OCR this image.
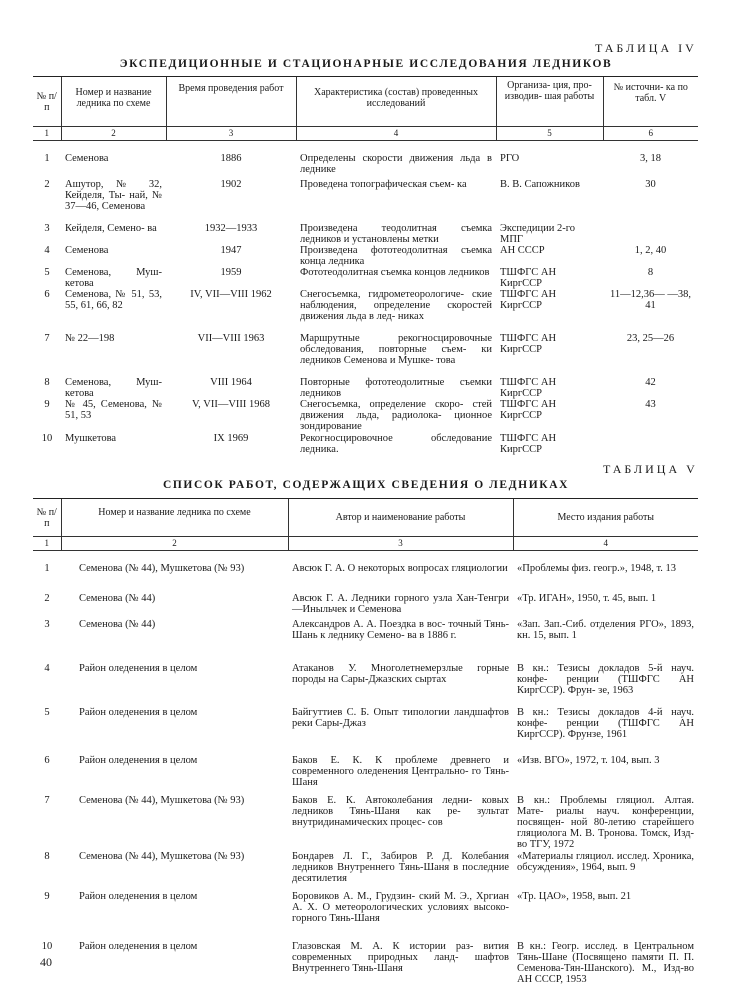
ТАБЛИЦА IV
ЭКСПЕДИЦИОННЫЕ И СТАЦИОНАРНЫЕ ИССЛЕДОВАНИЯ ЛЕДНИКОВ
№ п/п	Номер и название ледника по схеме	Время проведения работ	Характеристика (состав) проведенных исследований	Организа- ция, про- изводив- шая работы	№ источни- ка по табл. V
1	2	3	4	5	6

1	Семенова	1886	Определены скорости движения льда в леднике	РГО	3, 18
2	Ашутор, № 32, Кейделя, Ты- най, № 37—46, Семенова	1902	Проведена топографическая съем- ка	В. В. Сапожников	30
3	Кейделя, Семено- ва	1932—1933	Произведена теодолитная съемка ледников и установлены метки	Экспедиции 2-го МПГ	
4	Семенова	1947	Произведена фототеодолитная съемка конца ледника	АН СССР	1, 2, 40
5	Семенова, Муш- кетова	1959	Фототеодолитная съемка концов ледников	ТШФГС АН КиргССР	8
6	Семенова, № 51, 53, 55, 61, 66, 82	IV, VII—VIII 1962	Снегосъемка, гидрометеорологиче- ские наблюдения, определение скоростей движения льда в лед- никах	ТШФГС АН КиргССР	11—12,36— —38, 41
7	№ 22—198	VII—VIII 1963	Маршрутные рекогносцировочные обследования, повторные съем- ки ледников Семенова и Мушке- това	ТШФГС АН КиргССР	23, 25—26
8	Семенова, Муш- кетова	VIII 1964	Повторные фототеодолитные съемки ледников	ТШФГС АН КиргССР	42
9	№ 45, Семенова, № 51, 53	V, VII—VIII 1968	Снегосъемка, определение скоро- стей движения льда, радиолока- ционное зондирование	ТШФГС АН КиргССР	43
10	Мушкетова	IX 1969	Рекогносцировочное обследование ледника.	ТШФГС АН КиргССР	
ТАБЛИЦА V
СПИСОК РАБОТ, СОДЕРЖАЩИХ СВЕДЕНИЯ О ЛЕДНИКАХ
№ п/п	Номер и название ледника по схеме	Автор и наименование работы	Место издания работы
1	2	3	4

1	Семенова (№ 44), Мушкетова (№ 93)	Авсюк Г. А. О некоторых вопросах гляциологии	«Проблемы физ. геогр.», 1948, т. 13
2	Семенова (№ 44)	Авсюк Г. А. Ледники горного узла Хан-Тенгри—Иныльчек и Семенова	«Тр. ИГАН», 1950, т. 45, вып. 1
3	Семенова (№ 44)	Александров А. А. Поездка в вос- точный Тянь-Шань к леднику Семено- ва в 1886 г.	«Зап. Зап.-Сиб. отделения РГО», 1893, кн. 15, вып. 1
4	Район оледенения в целом	Атаканов У. Многолетнемерзлые горные породы на Сары-Джазских сыртах	В кн.: Тезисы докладов 5-й науч. конфе- ренции (ТШФГС АН КиргССР). Фрун- зе, 1963
5	Район оледенения в целом	Байгуттиев С. Б. Опыт типологии ландшафтов реки Сары-Джаз	В кн.: Тезисы докладов 4-й науч. конфе- ренции (ТШФГС АН КиргССР). Фрунзе, 1961
6	Район оледенения в целом	Баков Е. К. К проблеме древнего и современного оледенения Центрально- го Тянь-Шаня	«Изв. ВГО», 1972, т. 104, вып. 3
7	Семенова (№ 44), Мушкетова (№ 93)	Баков Е. К. Автоколебания ледни- ковых ледников Тянь-Шаня как ре- зультат внутридинамических процес- сов	В кн.: Проблемы гляциол. Алтая. Мате- риалы науч. конференции, посвящен- ной 80-летию старейшего гляциолога М. В. Тронова. Томск, Изд-во ТГУ, 1972
8	Семенова (№ 44), Мушкетова (№ 93)	Бондарев Л. Г., Забиров Р. Д. Колебания ледников Внутреннего Тянь-Шаня в последние десятилетия	«Материалы гляциол. исслед. Хроника, обсуждения», 1964, вып. 9
9	Район оледенения в целом	Боровиков А. М., Грудзин- ский М. Э., Хргиан А. Х. О метеорологических условиях высоко- горного Тянь-Шаня	«Тр. ЦАО», 1958, вып. 21
10	Район оледенения в целом	Глазовская М. А. К истории раз- вития современных природных ланд- шафтов Внутреннего Тянь-Шаня	В кн.: Геогр. исслед. в Центральном Тянь-Шане (Посвящено памяти П. П. Семенова-Тян-Шанского). М., Изд-во АН СССР, 1953
40
